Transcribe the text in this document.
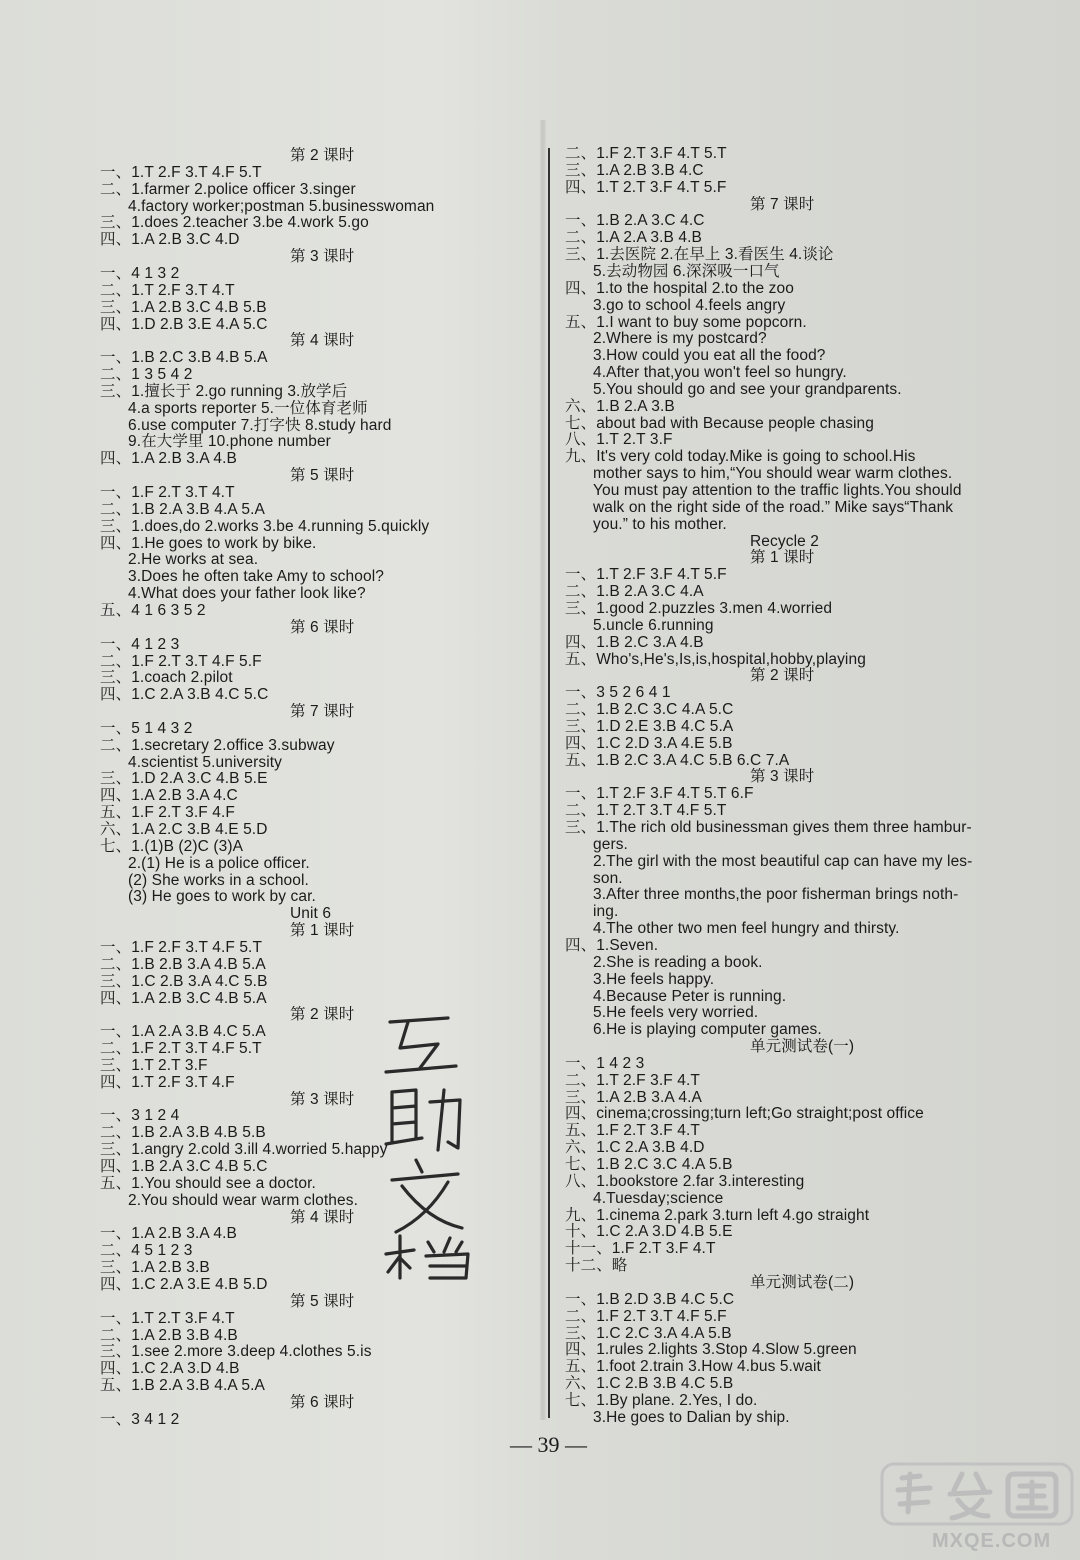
第 2 课时
一、1.T 2.F 3.T 4.F 5.T
二、1.farmer 2.police officer 3.singer
4.factory worker;postman 5.businesswoman
三、1.does 2.teacher 3.be 4.work 5.go
四、1.A 2.B 3.C 4.D
第 3 课时
一、4 1 3 2
二、1.T 2.F 3.T 4.T
三、1.A 2.B 3.C 4.B 5.B
四、1.D 2.B 3.E 4.A 5.C
第 4 课时
一、1.B 2.C 3.B 4.B 5.A
二、1 3 5 4 2
三、1.擅长于 2.go running 3.放学后
4.a sports reporter 5.一位体育老师
6.use computer 7.打字快 8.study hard
9.在大学里 10.phone number
四、1.A 2.B 3.A 4.B
第 5 课时
一、1.F 2.T 3.T 4.T
二、1.B 2.A 3.B 4.A 5.A
三、1.does,do 2.works 3.be 4.running 5.quickly
四、1.He goes to work by bike.
2.He works at sea.
3.Does he often take Amy to school?
4.What does your father look like?
五、4 1 6 3 5 2
第 6 课时
一、4 1 2 3
二、1.F 2.T 3.T 4.F 5.F
三、1.coach 2.pilot
四、1.C 2.A 3.B 4.C 5.C
第 7 课时
一、5 1 4 3 2
二、1.secretary 2.office 3.subway
4.scientist 5.university
三、1.D 2.A 3.C 4.B 5.E
四、1.A 2.B 3.A 4.C
五、1.F 2.T 3.F 4.F
六、1.A 2.C 3.B 4.E 5.D
七、1.(1)B (2)C (3)A
2.(1) He is a police officer.
(2) She works in a school.
(3) He goes to work by car.
Unit 6
第 1 课时
一、1.F 2.F 3.T 4.F 5.T
二、1.B 2.B 3.A 4.B 5.A
三、1.C 2.B 3.A 4.C 5.B
四、1.A 2.B 3.C 4.B 5.A
第 2 课时
一、1.A 2.A 3.B 4.C 5.A
二、1.F 2.T 3.T 4.F 5.T
三、1.T 2.T 3.F
四、1.T 2.F 3.T 4.F
第 3 课时
一、3 1 2 4
二、1.B 2.A 3.B 4.B 5.B
三、1.angry 2.cold 3.ill 4.worried 5.happy
四、1.B 2.A 3.C 4.B 5.C
五、1.You should see a doctor.
2.You should wear warm clothes.
第 4 课时
一、1.A 2.B 3.A 4.B
二、4 5 1 2 3
三、1.A 2.B 3.B
四、1.C 2.A 3.E 4.B 5.D
第 5 课时
一、1.T 2.T 3.F 4.T
二、1.A 2.B 3.B 4.B
三、1.see 2.more 3.deep 4.clothes 5.is
四、1.C 2.A 3.D 4.B
五、1.B 2.A 3.B 4.A 5.A
第 6 课时
一、3 4 1 2
二、1.F 2.T 3.F 4.T 5.T
三、1.A 2.B 3.B 4.C
四、1.T 2.T 3.F 4.T 5.F
第 7 课时
一、1.B 2.A 3.C 4.C
二、1.A 2.A 3.B 4.B
三、1.去医院 2.在早上 3.看医生 4.谈论
5.去动物园 6.深深吸一口气
四、1.to the hospital 2.to the zoo
3.go to school 4.feels angry
五、1.I want to buy some popcorn.
2.Where is my postcard?
3.How could you eat all the food?
4.After that,you won't feel so hungry.
5.You should go and see your grandparents.
六、1.B 2.A 3.B
七、about bad with Because people chasing
八、1.T 2.T 3.F
九、It's very cold today.Mike is going to school.His
mother says to him,“You should wear warm clothes.
You must pay attention to the traffic lights.You should
walk on the right side of the road.” Mike says“Thank
you.” to his mother.
Recycle 2
第 1 课时
一、1.T 2.F 3.F 4.T 5.F
二、1.B 2.A 3.C 4.A
三、1.good 2.puzzles 3.men 4.worried
5.uncle 6.running
四、1.B 2.C 3.A 4.B
五、Who's,He's,Is,is,hospital,hobby,playing
第 2 课时
一、3 5 2 6 4 1
二、1.B 2.C 3.C 4.A 5.C
三、1.D 2.E 3.B 4.C 5.A
四、1.C 2.D 3.A 4.E 5.B
五、1.B 2.C 3.A 4.C 5.B 6.C 7.A
第 3 课时
一、1.T 2.F 3.F 4.T 5.T 6.F
二、1.T 2.T 3.T 4.F 5.T
三、1.The rich old businessman gives them three hambur-
gers.
2.The girl with the most beautiful cap can have my les-
son.
3.After three months,the poor fisherman brings noth-
ing.
4.The other two men feel hungry and thirsty.
四、1.Seven.
2.She is reading a book.
3.He feels happy.
4.Because Peter is running.
5.He feels very worried.
6.He is playing computer games.
单元测试卷(一)
一、1 4 2 3
二、1.T 2.F 3.F 4.T
三、1.A 2.B 3.A 4.A
四、cinema;crossing;turn left;Go straight;post office
五、1.F 2.T 3.F 4.T
六、1.C 2.A 3.B 4.D
七、1.B 2.C 3.C 4.A 5.B
八、1.bookstore 2.far 3.interesting
4.Tuesday;science
九、1.cinema 2.park 3.turn left 4.go straight
十、1.C 2.A 3.D 4.B 5.E
十一、1.F 2.T 3.F 4.T
十二、略
单元测试卷(二)
一、1.B 2.D 3.B 4.C 5.C
二、1.F 2.T 3.T 4.F 5.F
三、1.C 2.C 3.A 4.A 5.B
四、1.rules 2.lights 3.Stop 4.Slow 5.green
五、1.foot 2.train 3.How 4.bus 5.wait
六、1.C 2.B 3.B 4.C 5.B
七、1.By plane. 2.Yes, I do.
3.He goes to Dalian by ship.
— 39 —
MXQE.COM
